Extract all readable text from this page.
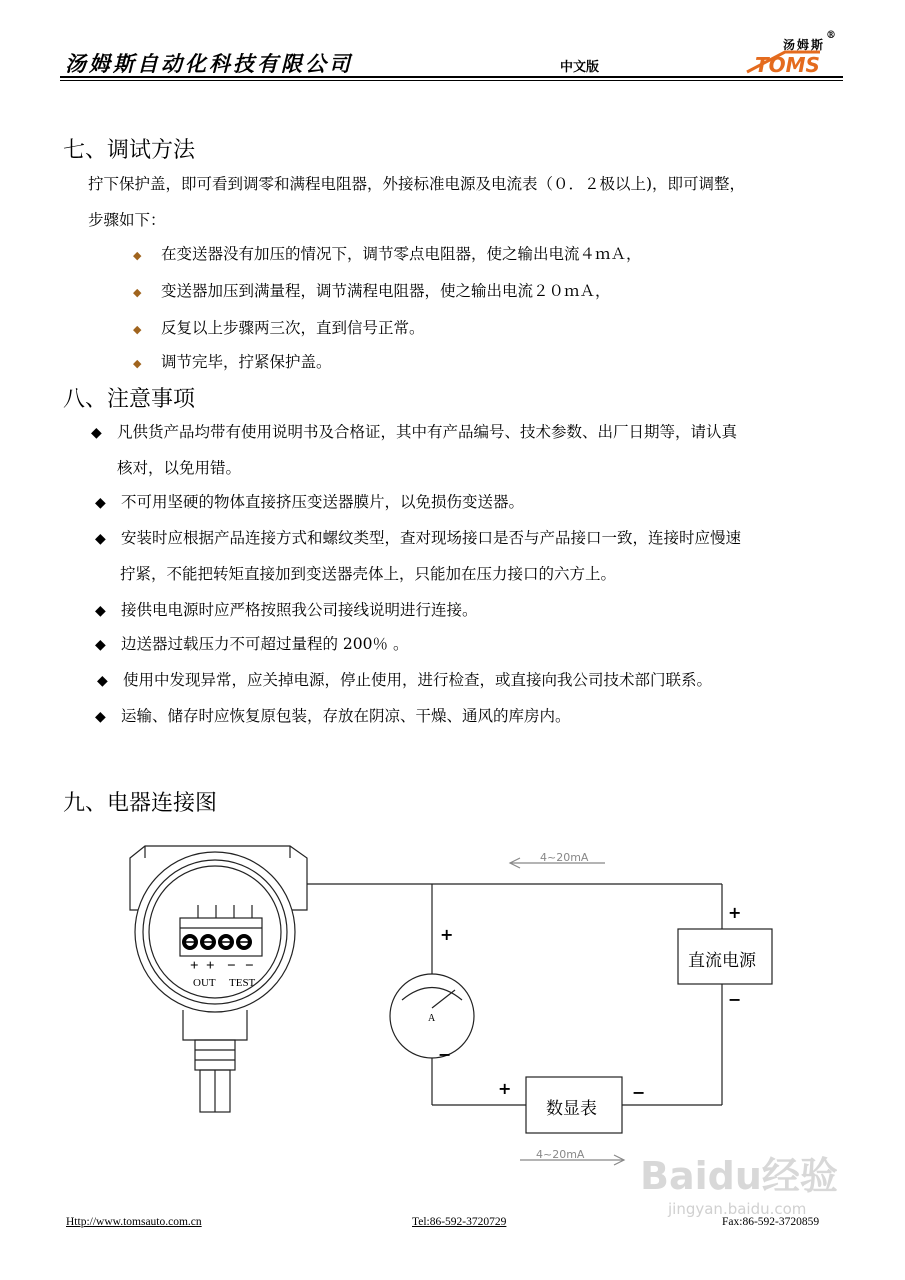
汤姆斯自动化科技有限公司	中文版
汤姆斯
®
TOMS
七、调试方法
拧下保护盖，即可看到调零和满程电阻器，外接标准电源及电流表（０．２极以上)，即可调整，
步骤如下：
◆ 在变送器没有加压的情况下，调节零点电阻器，使之输出电流４ｍＡ，
◆ 变送器加压到满量程，调节满程电阻器，使之输出电流２０ｍＡ，
◆ 反复以上步骤两三次，直到信号正常。
◆ 调节完毕，拧紧保护盖。
八、注意事项
◆ 凡供货产品均带有使用说明书及合格证，其中有产品编号、技术参数、出厂日期等，请认真
核对，以免用错。
◆ 不可用坚硬的物体直接挤压变送器膜片，以免损伤变送器。
◆ 安装时应根据产品连接方式和螺纹类型，查对现场接口是否与产品接口一致，连接时应慢速
拧紧，不能把转矩直接加到变送器壳体上，只能加在压力接口的六方上。
◆ 接供电电源时应严格按照我公司接线说明进行连接。
◆ 边送器过载压力不可超过量程的 200％ 。
◆ 使用中发现异常，应关掉电源，停止使用，进行检查，或直接向我公司技术部门联系。
◆ 运输、储存时应恢复原包装，存放在阴凉、干燥、通风的库房内。
九、电器连接图
+ + − −
OUT TEST
A
4~20mA
4~20mA
+
−
+
−
+	−
直流电源
数显表
Baidu经验
jingyan.baidu.com
Http://www.tomsauto.com.cn	Tel:86-592-3720729	Fax:86-592-3720859
